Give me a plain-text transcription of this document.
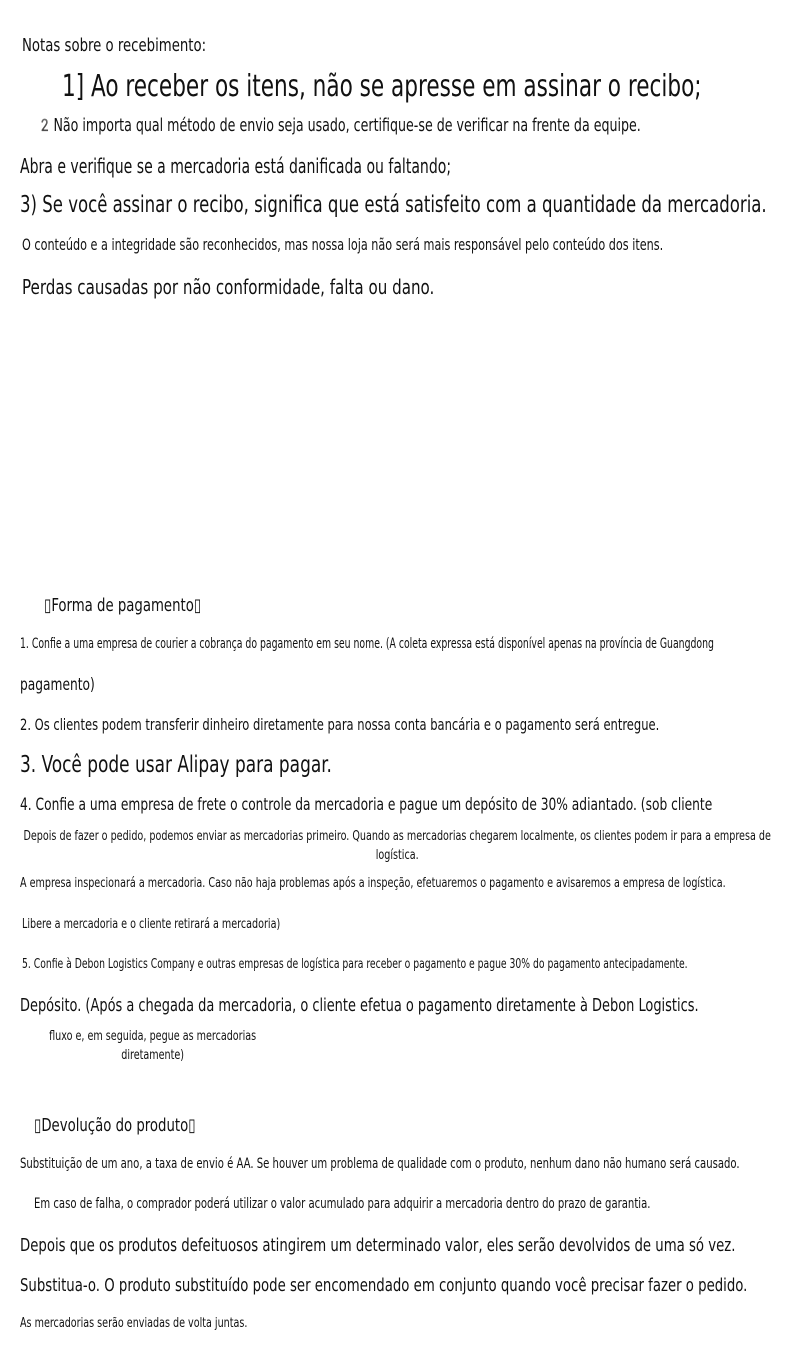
Notas sobre o recebimento:
1] Ao receber os itens, não se apresse em assinar o recibo;
2️Não importa qual método de envio seja usado, certifique-se de verificar na frente da equipe.
Abra e verifique se a mercadoria está danificada ou faltando;
3) Se você assinar o recibo, significa que está satisfeito com a quantidade da mercadoria.
O conteúdo e a integridade são reconhecidos, mas nossa loja não será mais responsável pelo conteúdo dos itens.
Perdas causadas por não conformidade, falta ou dano.
▯Forma de pagamento▯
1. Confie a uma empresa de courier a cobrança do pagamento em seu nome. (A coleta expressa está disponível apenas na província de Guangdong
pagamento)
2. Os clientes podem transferir dinheiro diretamente para nossa conta bancária e o pagamento será entregue.
3. Você pode usar Alipay para pagar.
4. Confie a uma empresa de frete o controle da mercadoria e pague um depósito de 30% adiantado. (sob cliente
Depois de fazer o pedido, podemos enviar as mercadorias primeiro. Quando as mercadorias chegarem localmente, os clientes podem ir para a empresa de logística.
A empresa inspecionará a mercadoria. Caso não haja problemas após a inspeção, efetuaremos o pagamento e avisaremos a empresa de logística.
Libere a mercadoria e o cliente retirará a mercadoria)
5. Confie à Debon Logistics Company e outras empresas de logística para receber o pagamento e pague 30% do pagamento antecipadamente.
Depósito. (Após a chegada da mercadoria, o cliente efetua o pagamento diretamente à Debon Logistics.
fluxo e, em seguida, pegue as mercadorias diretamente)
▯Devolução do produto▯
Substituição de um ano, a taxa de envio é AA. Se houver um problema de qualidade com o produto, nenhum dano não humano será causado.
Em caso de falha, o comprador poderá utilizar o valor acumulado para adquirir a mercadoria dentro do prazo de garantia.
Depois que os produtos defeituosos atingirem um determinado valor, eles serão devolvidos de uma só vez.
Substitua-o. O produto substituído pode ser encomendado em conjunto quando você precisar fazer o pedido.
As mercadorias serão enviadas de volta juntas.
